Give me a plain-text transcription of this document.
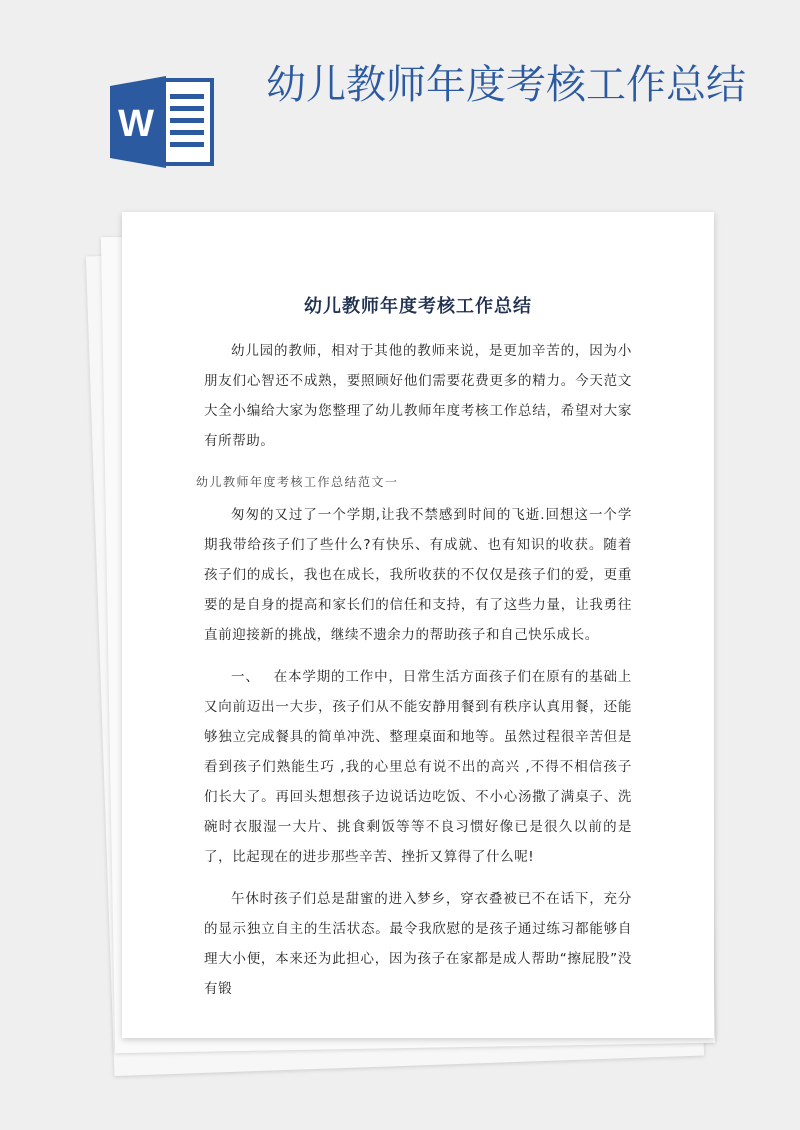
W
幼儿教师年度考核工作总结
幼儿教师年度考核工作总结

幼儿园的教师，相对于其他的教师来说，是更加辛苦的，因为小朋友们心智还不成熟，要照顾好他们需要花费更多的精力。今天范文大全小编给大家为您整理了幼儿教师年度考核工作总结，希望对大家有所帮助。

幼儿教师年度考核工作总结范文一

匆匆的又过了一个学期,让我不禁感到时间的飞逝.回想这一个学期我带给孩子们了些什么?有快乐、有成就、也有知识的收获。随着孩子们的成长，我也在成长，我所收获的不仅仅是孩子们的爱，更重要的是自身的提高和家长们的信任和支持，有了这些力量，让我勇往直前迎接新的挑战，继续不遗余力的帮助孩子和自己快乐成长。

一、 在本学期的工作中，日常生活方面孩子们在原有的基础上又向前迈出一大步，孩子们从不能安静用餐到有秩序认真用餐，还能够独立完成餐具的简单冲洗、整理桌面和地等。虽然过程很辛苦但是看到孩子们熟能生巧 ,我的心里总有说不出的高兴 ,不得不相信孩子们长大了。再回头想想孩子边说话边吃饭、不小心汤撒了满桌子、洗碗时衣服湿一大片、挑食剩饭等等不良习惯好像已是很久以前的是了，比起现在的进步那些辛苦、挫折又算得了什么呢!

午休时孩子们总是甜蜜的进入梦乡，穿衣叠被已不在话下，充分的显示独立自主的生活状态。最令我欣慰的是孩子通过练习都能够自理大小便，本来还为此担心，因为孩子在家都是成人帮助“擦屁股”没有锻
